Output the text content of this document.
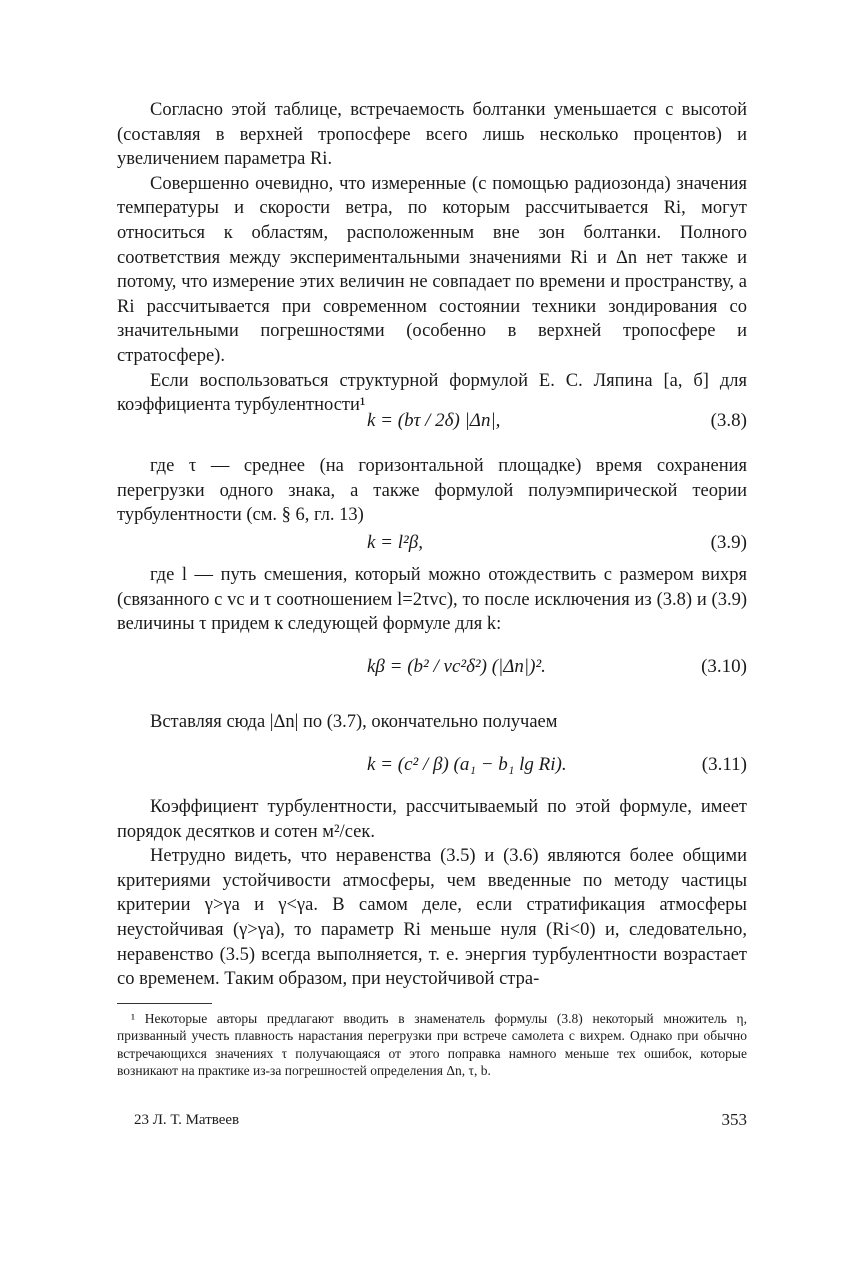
Согласно этой таблице, встречаемость болтанки уменьшается с высотой (составляя в верхней тропосфере всего лишь несколько процентов) и увеличением параметра Ri.

Совершенно очевидно, что измеренные (с помощью радиозонда) значения температуры и скорости ветра, по которым рассчитывается Ri, могут относиться к областям, расположенным вне зон болтанки. Полного соответствия между экспериментальными значениями Ri и Δn нет также и потому, что измерение этих величин не совпадает по времени и пространству, а Ri рассчитывается при современном состоянии техники зондирования со значительными погрешностями (особенно в верхней тропосфере и стратосфере).

Если воспользоваться структурной формулой Е. С. Ляпина [а, б] для коэффициента турбулентности¹

k = (bτ / 2δ) |Δn|,	(3.8)

где τ — среднее (на горизонтальной площадке) время сохранения перегрузки одного знака, а также формулой полуэмпирической теории турбулентности (см. § 6, гл. 13)

k = l²β,	(3.9)

где l — путь смешения, который можно отождествить с размером вихря (связанного с vc и τ соотношением l=2τvc), то после исключения из (3.8) и (3.9) величины τ придем к следующей формуле для k:

kβ = (b² / vc²δ²) (|Δn|)².	(3.10)

Вставляя сюда |Δn| по (3.7), окончательно получаем

k = (c² / β) (a₁ − b₁ lg Ri).	(3.11)

Коэффициент турбулентности, рассчитываемый по этой формуле, имеет порядок десятков и сотен м²/сек.

Нетрудно видеть, что неравенства (3.5) и (3.6) являются более общими критериями устойчивости атмосферы, чем введенные по методу частицы критерии γ>γa и γ<γa. В самом деле, если стратификация атмосферы неустойчивая (γ>γa), то параметр Ri меньше нуля (Ri<0) и, следовательно, неравенство (3.5) всегда выполняется, т. е. энергия турбулентности возрастает со временем. Таким образом, при неустойчивой стра-

¹ Некоторые авторы предлагают вводить в знаменатель формулы (3.8) некоторый множитель η, призванный учесть плавность нарастания перегрузки при встрече самолета с вихрем. Однако при обычно встречающихся значениях τ получающаяся от этого поправка намного меньше тех ошибок, которые возникают на практике из-за погрешностей определения Δn, τ, b.

23 Л. Т. Матвеев	353
